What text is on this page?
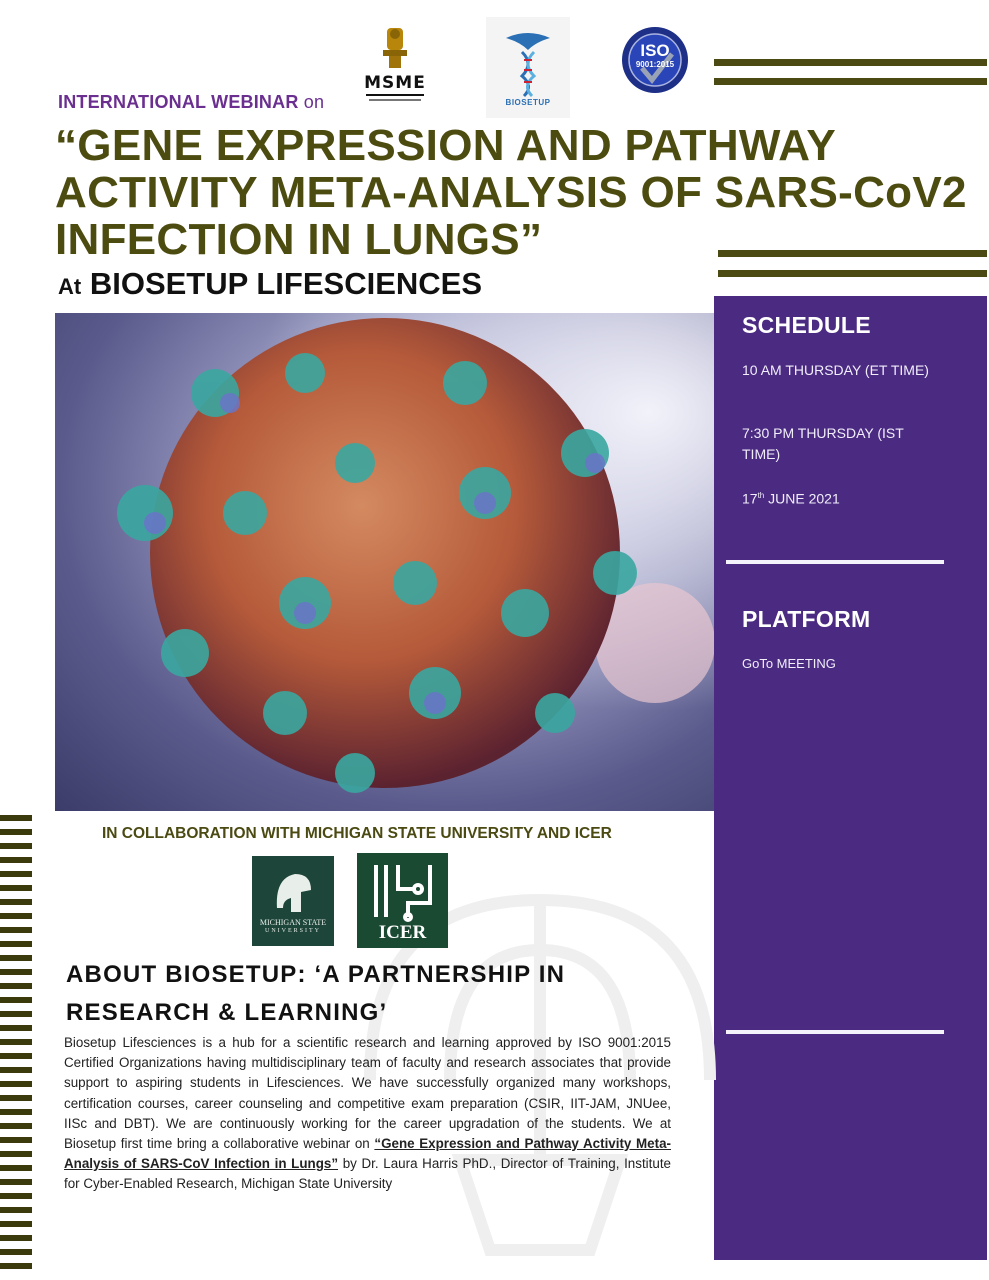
MSME
BIOSETUP
ISO
9001:2015
INTERNATIONAL WEBINAR on
“GENE EXPRESSION AND PATHWAY ACTIVITY META-ANALYSIS OF SARS-CoV2 INFECTION IN LUNGS”
At BIOSETUP LIFESCIENCES
SCHEDULE
10 AM THURSDAY (ET TIME)
7:30 PM THURSDAY (IST TIME)
17th JUNE 2021
PLATFORM
GoTo MEETING
IN COLLABORATION WITH MICHIGAN STATE UNIVERSITY AND ICER
MICHIGAN STATE
UNIVERSITY	ICER
ABOUT BIOSETUP: ‘A PARTNERSHIP IN RESEARCH & LEARNING’
Biosetup Lifesciences is a hub for a scientific research and learning approved by ISO 9001:2015 Certified Organizations having multidisciplinary team of faculty and research associates that provide support to aspiring students in Lifesciences. We have successfully organized many workshops, certification courses, career counseling and competitive exam preparation (CSIR, IIT-JAM, JNUee, IISc and DBT). We are continuously working for the career upgradation of the students. We at Biosetup first time bring a collaborative webinar on “Gene Expression and Pathway Activity Meta-Analysis of SARS-CoV Infection in Lungs” by Dr. Laura Harris PhD., Director of Training, Institute for Cyber-Enabled Research, Michigan State University
